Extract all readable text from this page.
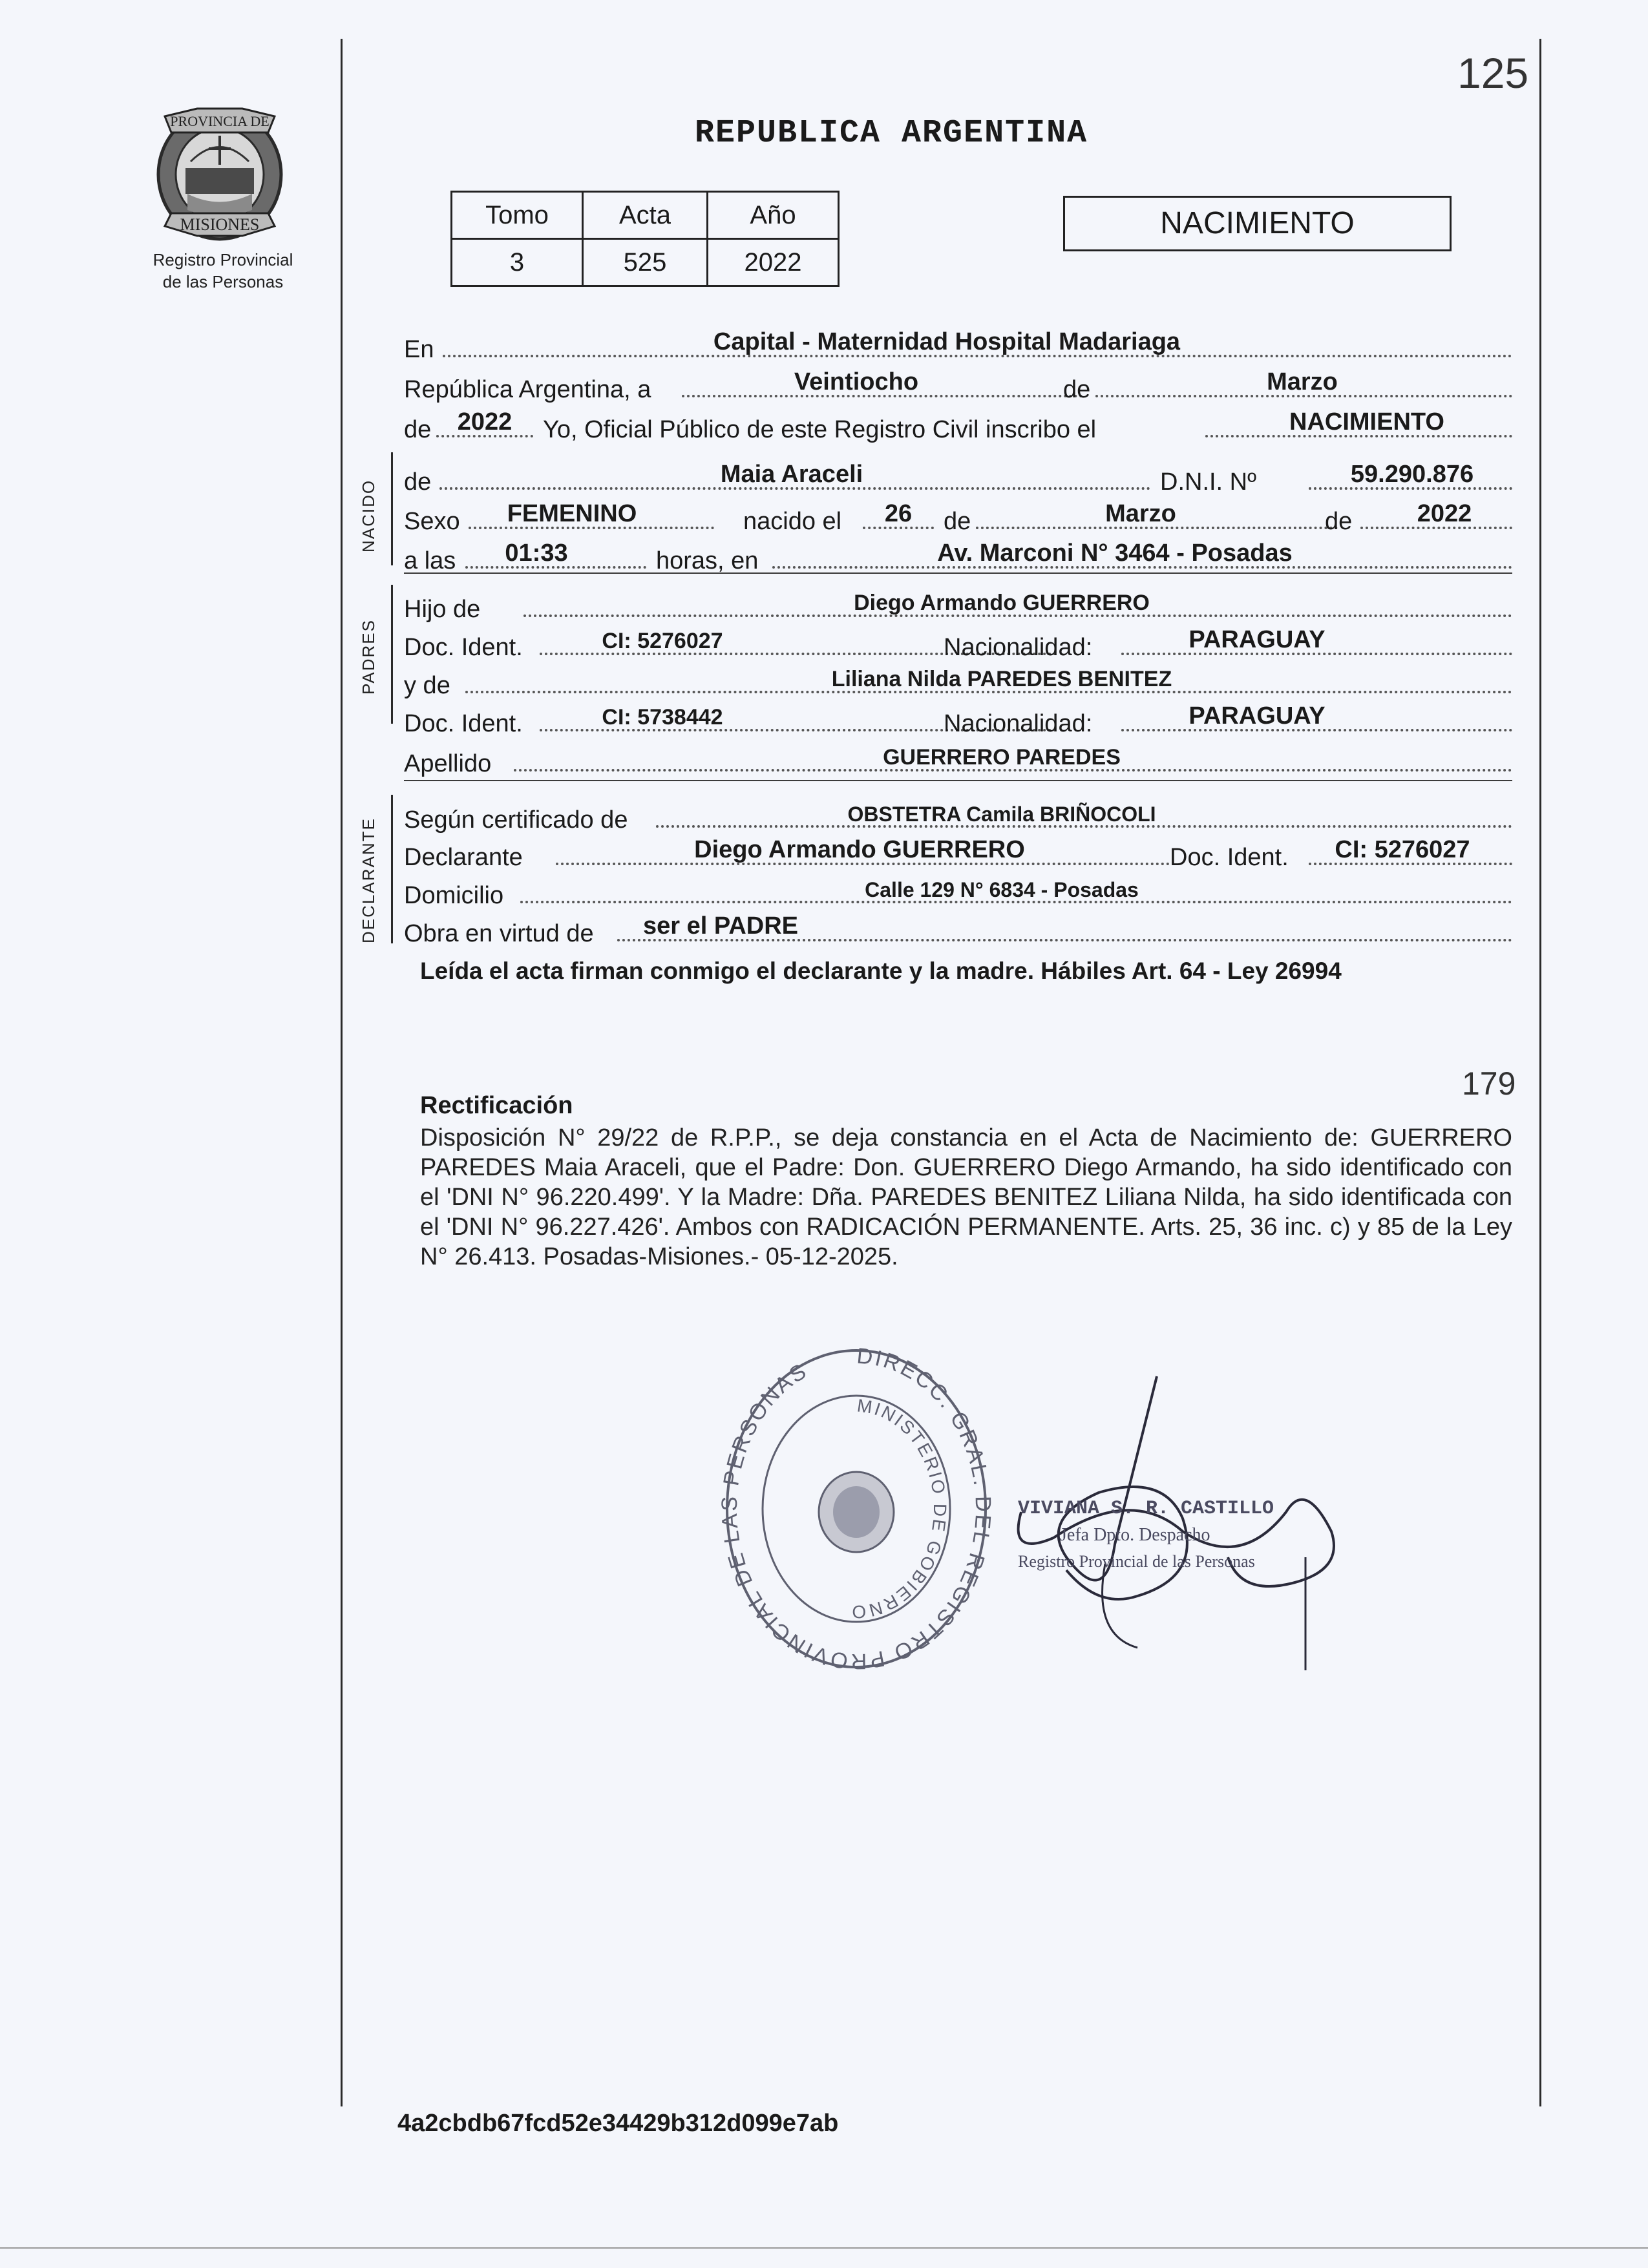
PROVINCIA DE
MISIONES
Registro Provincial
de las Personas
125
REPUBLICA ARGENTINA
Tomo	Acta	Año
3	525	2022
NACIMIENTO
NACIDO
PADRES
DECLARANTE
En	Capital - Maternidad Hospital Madariaga
República Argentina, a	Veintiocho	de	Marzo
de	2022	Yo, Oficial Público de este Registro Civil inscribo el	NACIMIENTO
de	Maia Araceli	D.N.I. Nº	59.290.876
Sexo	FEMENINO	nacido el	26	de	Marzo	de	2022
a las	01:33	horas, en	Av. Marconi N° 3464 - Posadas
Hijo de	Diego Armando GUERRERO
Doc. Ident.	CI: 5276027	Nacionalidad:	PARAGUAY
y de	Liliana Nilda PAREDES BENITEZ
Doc. Ident.	CI: 5738442	Nacionalidad:	PARAGUAY
Apellido	GUERRERO PAREDES
Según certificado de	OBSTETRA Camila BRIÑOCOLI
Declarante	Diego Armando GUERRERO	Doc. Ident.	CI: 5276027
Domicilio	Calle 129 N° 6834 - Posadas
Obra en virtud de	ser el PADRE
Leída el acta firman conmigo el declarante y la madre. Hábiles Art. 64 - Ley 26994
179
Rectificación
Disposición N° 29/22 de R.P.P., se deja constancia en el Acta de Nacimiento de: GUERRERO PAREDES Maia Araceli, que el Padre: Don. GUERRERO Diego Armando, ha sido identificado con el 'DNI N° 96.220.499'. Y la Madre: Dña. PAREDES BENITEZ Liliana Nilda, ha sido identificada con el 'DNI N° 96.227.426'. Ambos con RADICACIÓN PERMANENTE. Arts. 25, 36 inc. c) y 85 de la Ley N° 26.413. Posadas-Misiones.- 05-12-2025.
DIRECC. GRAL. DEL REGISTRO PROVINCIAL DE LAS PERSONAS
MINISTERIO DE GOBIERNO
VIVIANA S. R. CASTILLO
Jefa Dpto. Despacho
Registro Provincial de las Personas
4a2cbdb67fcd52e34429b312d099e7ab
